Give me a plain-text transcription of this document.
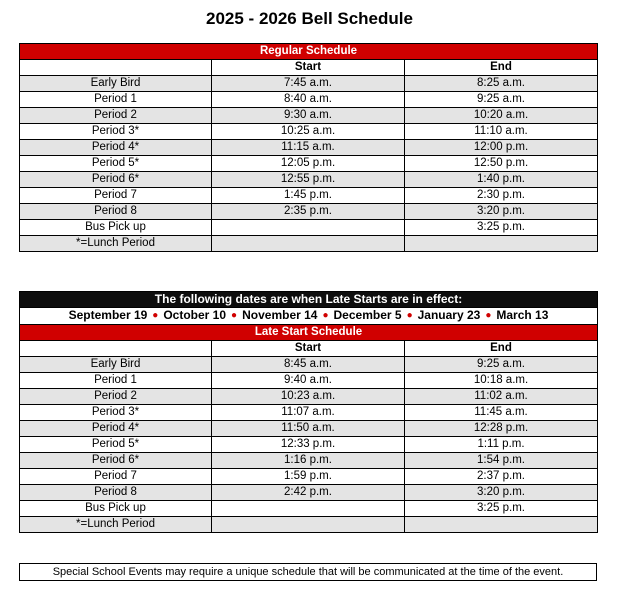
2025 - 2026 Bell Schedule
Regular Schedule		
	Start	End
Early Bird	7:45 a.m.	8:25 a.m.
Period 1	8:40 a.m.	9:25 a.m.
Period 2	9:30 a.m.	10:20 a.m.
Period 3*	10:25 a.m.	11:10 a.m.
Period 4*	11:15 a.m.	12:00 p.m.
Period 5*	12:05 p.m.	12:50 p.m.
Period 6*	12:55 p.m.	1:40 p.m.
Period 7	1:45 p.m.	2:30 p.m.
Period 8	2:35 p.m.	3:20 p.m.
Bus Pick up		3:25 p.m.
*=Lunch Period		
The following dates are when Late Starts are in effect:		
September 19 ● October 10 ● November 14 ● December 5 ● January 23 ● March 13		
Late Start Schedule		
	Start	End
Early Bird	8:45 a.m.	9:25 a.m.
Period 1	9:40 a.m.	10:18 a.m.
Period 2	10:23 a.m.	11:02 a.m.
Period 3*	11:07 a.m.	11:45 a.m.
Period 4*	11:50 a.m.	12:28 p.m.
Period 5*	12:33 p.m.	1:11 p.m.
Period 6*	1:16 p.m.	1:54 p.m.
Period 7	1:59 p.m.	2:37 p.m.
Period 8	2:42 p.m.	3:20 p.m.
Bus Pick up		3:25 p.m.
*=Lunch Period		
Special School Events may require a unique schedule that will be communicated at the time of the event.
